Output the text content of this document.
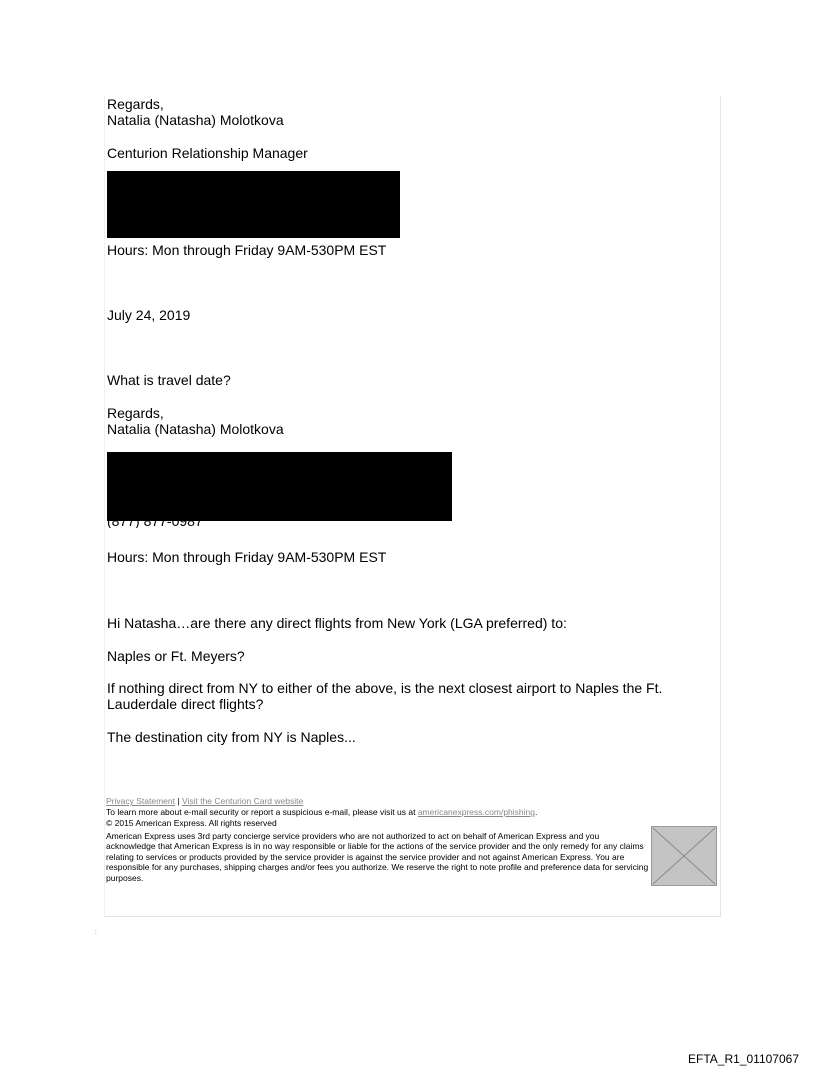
Regards,
Natalia (Natasha) Molotkova
Centurion Relationship Manager
Hours: Mon through Friday 9AM-530PM EST
July 24, 2019
What is travel date?
Regards,
Natalia (Natasha) Molotkova
Hours: Mon through Friday 9AM-530PM EST
Hi Natasha…are there any direct flights from New York (LGA preferred) to:
Naples or Ft. Meyers?
If nothing direct from NY to either of the above, is the next closest airport to Naples the Ft. Lauderdale direct flights?
The destination city from NY is Naples...
Privacy Statement | Visit the Centurion Card website
To learn more about e-mail security or report a suspicious e-mail, please visit us at americanexpress.com/phishing.
© 2015 American Express. All rights reserved
American Express uses 3rd party concierge service providers who are not authorized to act on behalf of American Express and you acknowledge that American Express is in no way responsible or liable for the actions of the service provider and the only remedy for any claims relating to services or products provided by the service provider is against the service provider and not against American Express. You are responsible for any purchases, shipping charges and/or fees you authorize. We reserve the right to note profile and preference data for servicing purposes.
:
EFTA_R1_01107067
